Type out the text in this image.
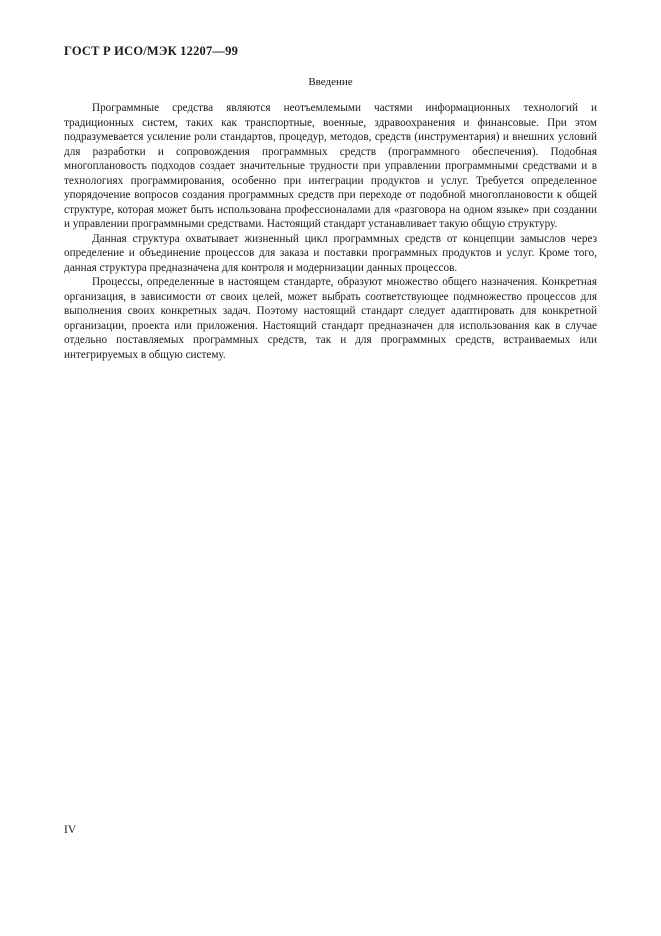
ГОСТ Р ИСО/МЭК 12207—99

Введение

Программные средства являются неотъемлемыми частями информационных технологий и традиционных систем, таких как транспортные, военные, здравоохранения и финансовые. При этом подразумевается усиление роли стандартов, процедур, методов, средств (инструментария) и внешних условий для разработки и сопровождения программных средств (программного обеспечения). Подобная многоплановость подходов создает значительные трудности при управлении программными средствами и в технологиях программирования, особенно при интеграции продуктов и услуг. Требуется определенное упорядочение вопросов создания программных средств при переходе от подобной многоплановости к общей структуре, которая может быть использована профессионалами для «разговора на одном языке» при создании и управлении программными средствами. Настоящий стандарт устанавливает такую общую структуру.

Данная структура охватывает жизненный цикл программных средств от концепции замыслов через определение и объединение процессов для заказа и поставки программных продуктов и услуг. Кроме того, данная структура предназначена для контроля и модернизации данных процессов.

Процессы, определенные в настоящем стандарте, образуют множество общего назначения. Конкретная организация, в зависимости от своих целей, может выбрать соответствующее подмножество процессов для выполнения своих конкретных задач. Поэтому настоящий стандарт следует адаптировать для конкретной организации, проекта или приложения. Настоящий стандарт предназначен для использования как в случае отдельно поставляемых программных средств, так и для программных средств, встраиваемых или интегрируемых в общую систему.

IV
